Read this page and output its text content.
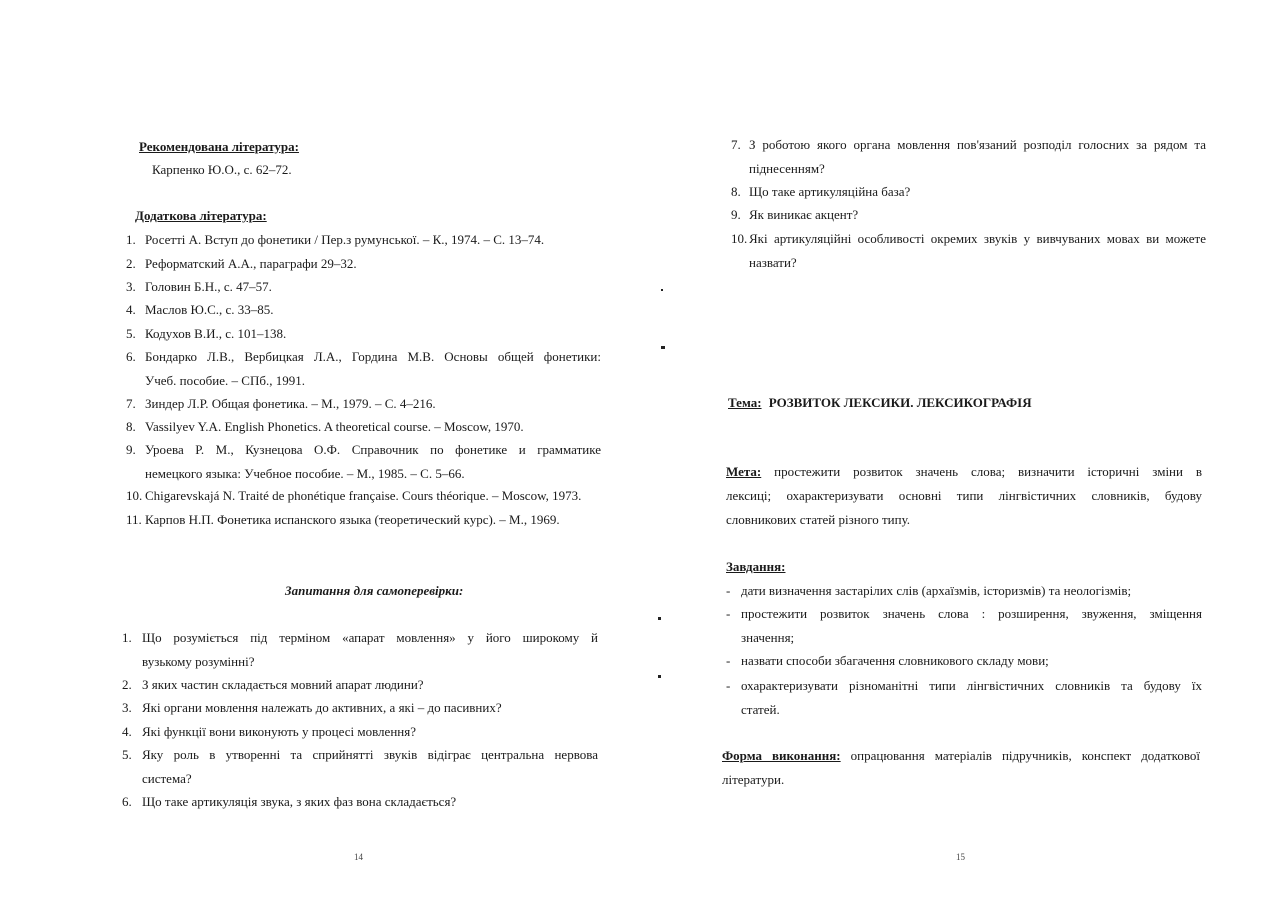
Рекомендована література:
Карпенко Ю.О., с. 62–72.
Додаткова література:
1. Росетті А. Вступ до фонетики / Пер.з румунської. – К., 1974. – С. 13–74.
2. Реформатский А.А., параграфи 29–32.
3. Головин Б.Н., с. 47–57.
4. Маслов Ю.С., с. 33–85.
5. Кодухов В.И., с. 101–138.
6. Бондарко Л.В., Вербицкая Л.А., Гордина М.В. Основы общей фонетики:
Учеб. пособие. – СПб., 1991.
7. Зиндер Л.Р. Общая фонетика. – М., 1979. – С. 4–216.
8. Vassilyev Y.A. English Phonetics. A theoretical course. – Moscow, 1970.
9. Уроева Р. М., Кузнецова О.Ф. Справочник по фонетике и грамматике
немецкого языка: Учебное пособие. – М., 1985. – С. 5–66.
10. Chigarevskajá N. Traité de phonétique française. Cours théorique. – Moscow, 1973.
11. Карпов Н.П. Фонетика испанского языка (теоретический курс). – М., 1969.
Запитання для самоперевірки:
1. Що розуміється під терміном «апарат мовлення» у його широкому й
вузькому розумінні?
2. З яких частин складається мовний апарат людини?
3. Які органи мовлення належать до активних, а які – до пасивних?
4. Які функції вони виконують у процесі мовлення?
5. Яку роль в утворенні та сприйнятті звуків відіграє центральна нервова
система?
6. Що таке артикуляція звука, з яких фаз вона складається?
14
7. З роботою якого органа мовлення пов'язаний розподіл голосних за рядом та
піднесенням?
8. Що таке артикуляційна база?
9. Як виникає акцент?
10. Які артикуляційні особливості окремих звуків у вивчуваних мовах ви можете
назвати?
Тема: РОЗВИТОК ЛЕКСИКИ. ЛЕКСИКОГРАФІЯ
Мета: простежити розвиток значень слова; визначити історичні зміни в
лексиці; охарактеризувати основні типи лінгвістичних словників, будову
словникових статей різного типу.
Завдання:
- дати визначення застарілих слів (архаїзмів, історизмів) та неологізмів;
- простежити розвиток значень слова : розширення, звуження, зміщення
значення;
- назвати способи збагачення словникового складу мови;
- охарактеризувати різноманітні типи лінгвістичних словників та будову їх
статей.
Форма виконання: опрацювання матеріалів підручників, конспект додаткової
літератури.
15
